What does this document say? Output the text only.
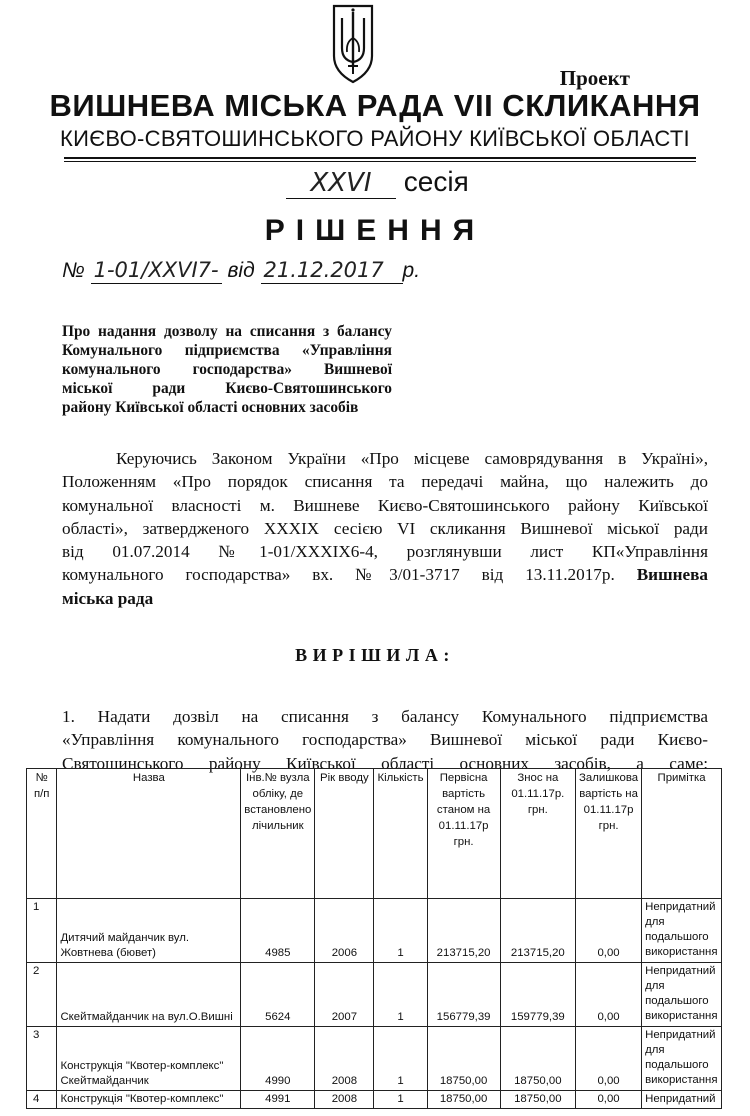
Проект
ВИШНЕВА МІСЬКА РАДА VII СКЛИКАННЯ
КИЄВО-СВЯТОШИНСЬКОГО РАЙОНУ КИЇВСЬКОЇ ОБЛАСТІ
XXVI сесія
РІШЕННЯ
№ 1-01/XXVI7- від 21.12.2017 р.
Про надання дозволу на списання з балансу
Комунального підприємства «Управління
комунального господарства» Вишневої
міської ради Києво-Святошинського
району Київської області основних засобів
Керуючись Законом України «Про місцеве самоврядування в Україні»,
Положенням «Про порядок списання та передачі майна, що належить до
комунальної власності м. Вишневе Києво-Святошинського району Київської
області», затвердженого XXXIX сесією VI скликання Вишневої міської ради
від 01.07.2014 №1-01/XXXIX6-4, розглянувши лист КП«Управління
комунального господарства» вх. №3/01-3717 від 13.11.2017р. Вишнева
міська рада
ВИРІШИЛА:
1. Надати дозвіл на списання з балансу Комунального підприємства
«Управління комунального господарства» Вишневої міської ради Києво-
Святошинського району Київської області основних засобів, а саме:
№ п/п	Назва	Інв.№ вузла обліку, де встановлено лічильник	Рік вводу	Кількість	Первісна вартість станом на 01.11.17р грн.	Знос на 01.11.17р. грн.	Залишкова вартість на 01.11.17р грн.	Примітка
1	Дитячий майданчик вул.
Жовтнева (бювет)	4985	2006	1	213715,20	213715,20	0,00	Непридатний для подальшого використання
2	Скейтмайданчик на вул.О.Вишні	5624	2007	1	156779,39	159779,39	0,00	Непридатний для подальшого використання
3	Конструкція "Квотер-комплекс"
Скейтмайданчик	4990	2008	1	18750,00	18750,00	0,00	Непридатний для подальшого використання
4	Конструкція "Квотер-комплекс"	4991	2008	1	18750,00	18750,00	0,00	Непридатний
